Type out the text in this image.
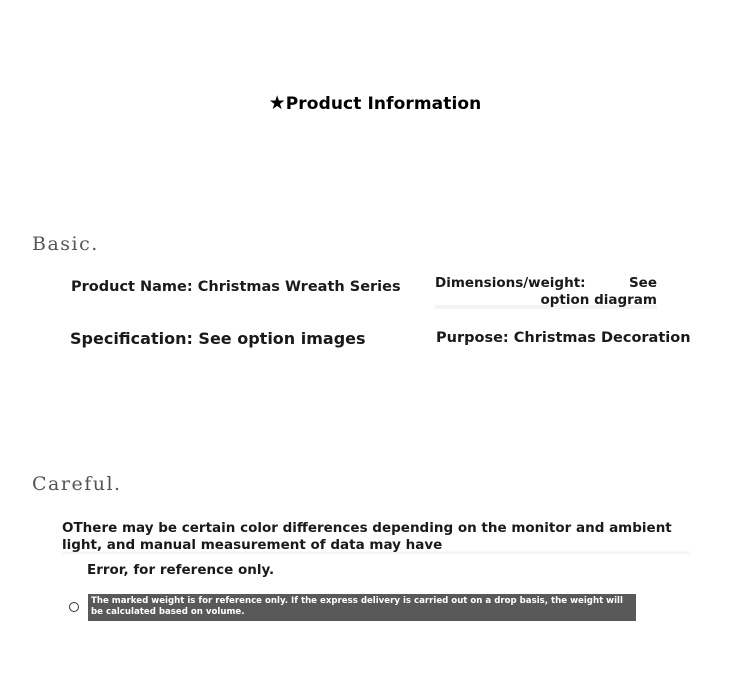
★Product Information
Basic.
Product Name: Christmas Wreath Series	Dimensions/weight: See option diagram
Specification: See option images	Purpose: Christmas Decoration
Careful.
OThere may be certain color differences depending on the monitor and ambient light, and manual measurement of data may have
Error, for reference only.
The marked weight is for reference only. If the express delivery is carried out on a drop basis, the weight will be calculated based on volume.
